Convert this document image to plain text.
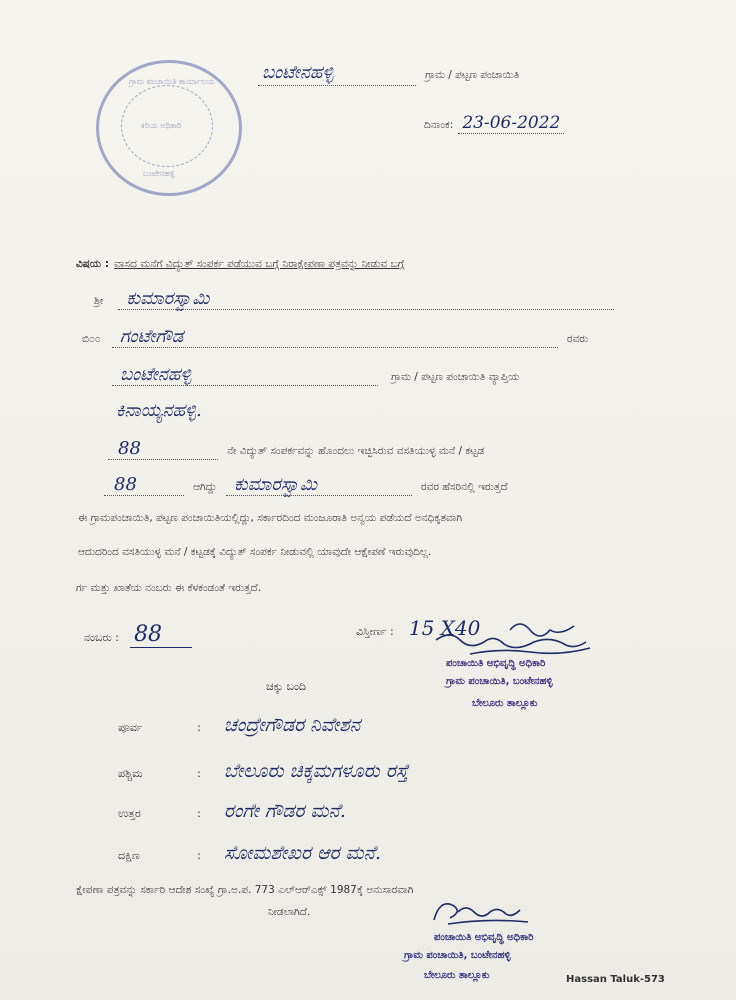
ಗ್ರಾಮ ಪಂಚಾಯಿತಿ ಕಾರ್ಯಾಲಯ
ಕಿರಿಯ ಅಧಿಕಾರಿ
ಬಂಟೇನಹಳ್ಳಿ
ಬಂಟೇನಹಳ್ಳಿ	ಗ್ರಾಮ / ಪಟ್ಟಣ ಪಂಚಾಯಿತಿ
ದಿನಾಂಕ: 23-06-2022
ವಿಷಯ : ವಾಸದ ಮನೆಗೆ ವಿದ್ಯುತ್ ಸಂಪರ್ಕ ಪಡೆಯುವ ಬಗ್ಗೆ ನಿರಾಕ್ಷೇಪಣಾ ಪತ್ರವನ್ನು ನೀಡುವ ಬಗ್ಗೆ
ಶ್ರೀ ಕುಮಾರಸ್ವಾಮಿ
ಬಿ೦೦ ಗಂಟೇಗೌಡ	ರವರು
ಬಂಟೇನಹಳ್ಳಿ	ಗ್ರಾಮ / ಪಟ್ಟಣ ಪಂಚಾಯಿತಿ ವ್ಯಾಪ್ತಿಯ
ಕಿನಾಯ್ಯನಹಳ್ಳಿ.
88	ನೇ ವಿದ್ಯುತ್ ಸಂಪರ್ಕವನ್ನು ಹೊಂದಲು ಇಚ್ಛಿಸಿರುವ ವಸತಿಯುಳ್ಳ ಮನೆ / ಕಟ್ಟಡ
88	ಆಗಿದ್ದು ಕುಮಾರಸ್ವಾಮಿ	ರವರ ಹೆಸರಿನಲ್ಲಿ ಇರುತ್ತದೆ
ಈ ಗ್ರಾಮಪಂಚಾಯಿತಿ, ಪಟ್ಟಣ ಪಂಚಾಯಿತಿಯಲ್ಲಿದ್ದು, ಸರ್ಕಾರದಿಂದ ಮಂಜೂರಾತಿ ಅನ್ವಯ ಪಡೆಯದೆ ಅನಧಿಕೃತವಾಗಿ
ಆದುದರಿಂದ ವಸತಿಯುಳ್ಳ ಮನೆ / ಕಟ್ಟಡಕ್ಕೆ ವಿದ್ಯುತ್ ಸಂಪರ್ಕ ನೀಡುವಲ್ಲಿ ಯಾವುದೇ ಆಕ್ಷೇಪಣೆ ಇರುವುದಿಲ್ಲ.
ರ್ಗ ಮತ್ತು ಖಾತೆಯ ನಂಬರು ಈ ಕೆಳಕಂಡಂತೆ ಇರುತ್ತದೆ.
ನಂಬರು : 88	ವಿಸ್ತೀರ್ಣ : 15 X40
ಪಂಚಾಯಿತಿ ಅಭಿವೃದ್ಧಿ ಅಧಿಕಾರಿ
ಗ್ರಾಮ ಪಂಚಾಯಿತಿ, ಬಂಟೇನಹಳ್ಳಿ
ಬೇಲೂರು ತಾಲ್ಲೂಕು
ಚಕ್ಕು ಬಂದಿ
ಪೂರ್ವ	: ಚಂದ್ರೇಗೌಡರ ನಿವೇಶನ
ಪಶ್ಚಿಮ	: ಬೇಲೂರು ಚಿಕ್ಕಮಗಳೂರು ರಸ್ತೆ
ಉತ್ತರ	: ರಂಗೇ ಗೌಡರ ಮನೆ.
ದಕ್ಷಿಣ	: ಸೋಮಶೇಖರ ಆರ ಮನೆ.
ಕ್ಷೇಪಣಾ ಪತ್ರವನ್ನು ಸರ್ಕಾರಿ ಆದೇಶ ಸಂಖ್ಯೆ ಗ್ರಾ.ಅ.ಪ. 773 ಎಲ್‌ಆರ್‌ಎಕ್ಸ್ 1987ಕ್ಕೆ ಅನುಸಾರವಾಗಿ
ನೀಡಲಾಗಿದೆ.
ಪಂಚಾಯಿತಿ ಅಭಿವೃದ್ಧಿ ಅಧಿಕಾರಿ
ಗ್ರಾಮ ಪಂಚಾಯಿತಿ, ಬಂಟೇನಹಳ್ಳಿ
ಬೇಲೂರು ತಾಲ್ಲೂಕು	Hassan Taluk-573
